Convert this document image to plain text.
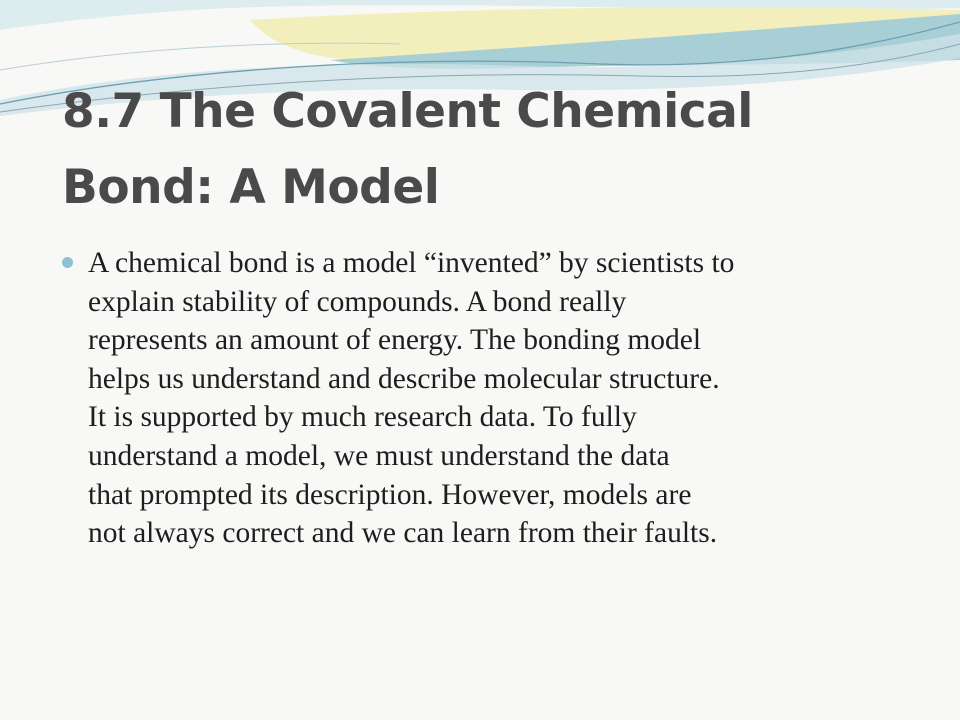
8.7 The Covalent Chemical
Bond: A Model
A chemical bond is a model “invented” by scientists to
explain stability of compounds. A bond really
represents an amount of energy. The bonding model
helps us understand and describe molecular structure.
It is supported by much research data. To fully
understand a model, we must understand the data
that prompted its description. However, models are
not always correct and we can learn from their faults.
